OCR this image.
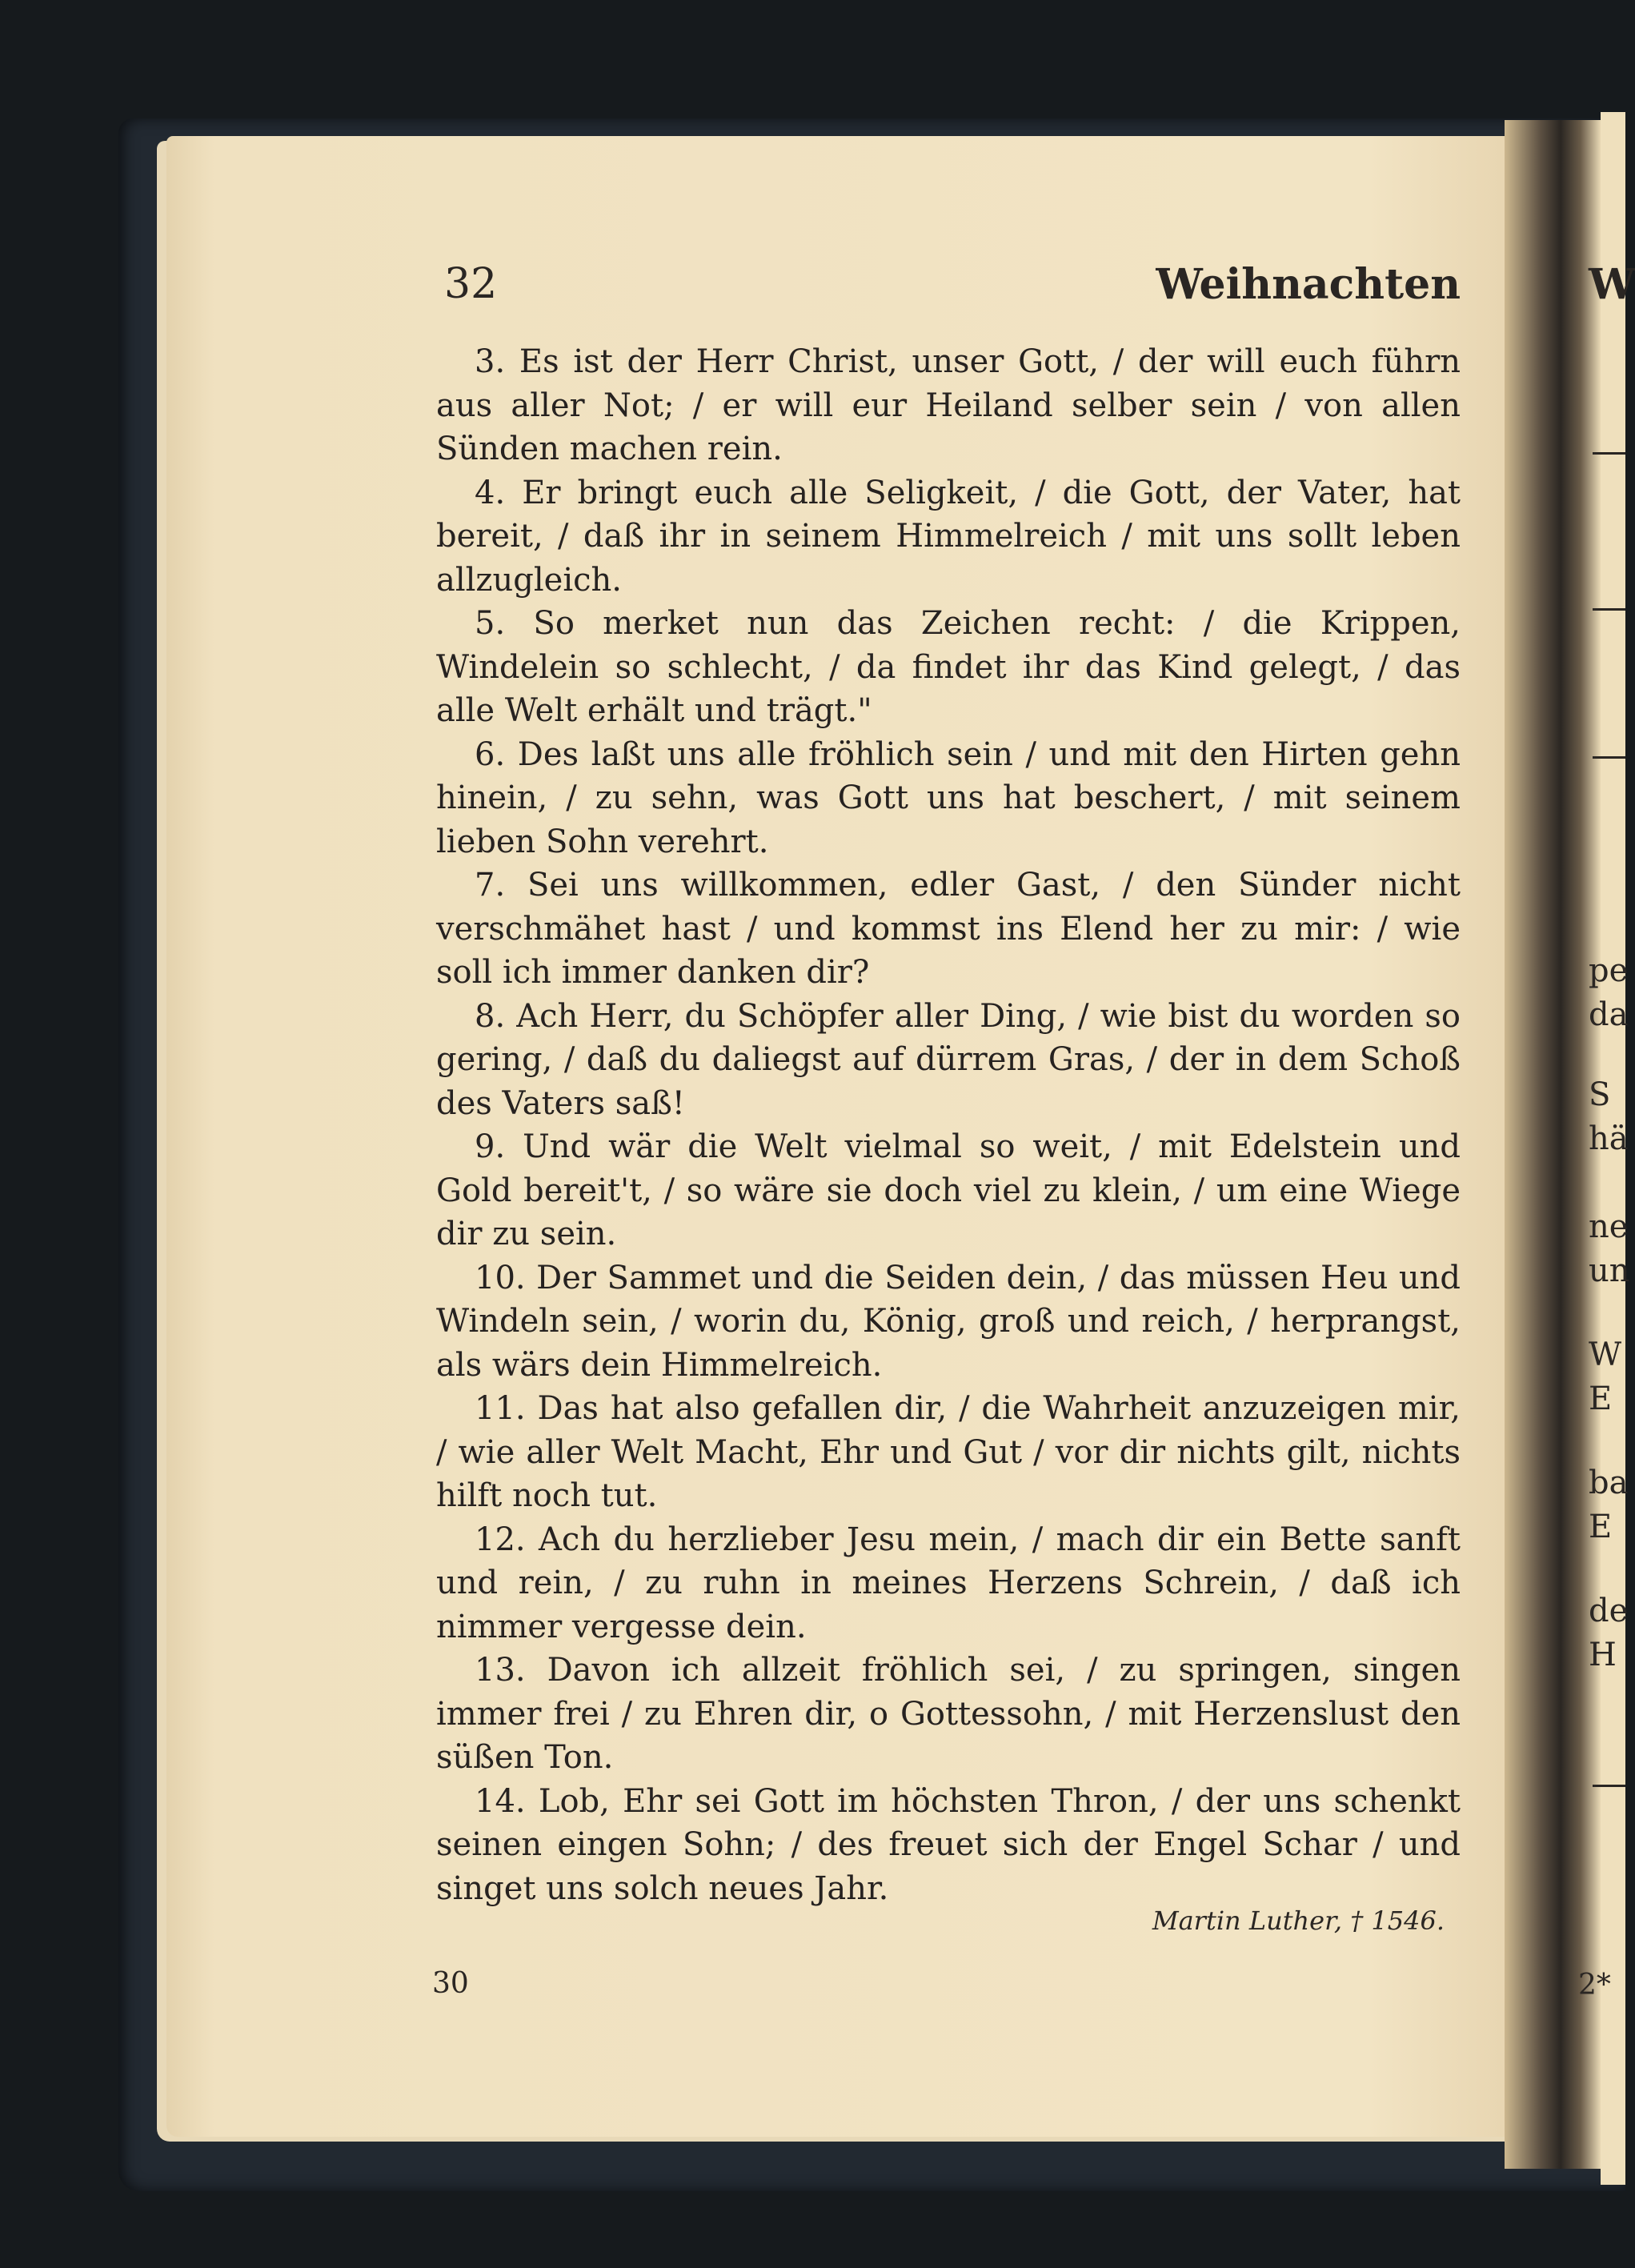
32	Weihnachten

3. Es ist der Herr Christ, unser Gott, / der will euch führn aus aller Not; / er will eur Heiland selber sein / von allen Sünden machen rein.

4. Er bringt euch alle Seligkeit, / die Gott, der Vater, hat bereit, / daß ihr in seinem Himmelreich / mit uns sollt leben allzugleich.

5. So merket nun das Zeichen recht: / die Krippen, Windelein so schlecht, / da findet ihr das Kind gelegt, / das alle Welt erhält und trägt."

6. Des laßt uns alle fröhlich sein / und mit den Hirten gehn hinein, / zu sehn, was Gott uns hat beschert, / mit seinem lieben Sohn verehrt.

7. Sei uns willkommen, edler Gast, / den Sünder nicht verschmähet hast / und kommst ins Elend her zu mir: / wie soll ich immer danken dir?

8. Ach Herr, du Schöpfer aller Ding, / wie bist du worden so gering, / daß du daliegst auf dürrem Gras, / der in dem Schoß des Vaters saß!

9. Und wär die Welt vielmal so weit, / mit Edelstein und Gold bereit't, / so wäre sie doch viel zu klein, / um eine Wiege dir zu sein.

10. Der Sammet und die Seiden dein, / das müssen Heu und Windeln sein, / worin du, König, groß und reich, / herprangst, als wärs dein Himmelreich.

11. Das hat also gefallen dir, / die Wahrheit anzuzeigen mir, / wie aller Welt Macht, Ehr und Gut / vor dir nichts gilt, nichts hilft noch tut.

12. Ach du herzlieber Jesu mein, / mach dir ein Bette sanft und rein, / zu ruhn in meines Herzens Schrein, / daß ich nimmer vergesse dein.

13. Davon ich allzeit fröhlich sei, / zu springen, singen immer frei / zu Ehren dir, o Gottessohn, / mit Herzenslust den süßen Ton.

14. Lob, Ehr sei Gott im höchsten Thron, / der uns schenkt seinen eingen Sohn; / des freuet sich der Engel Schar / und singet uns solch neues Jahr.

Martin Luther, † 1546.
30
W
pe
da
S
hä
ne
un
W
E
ba
E
de
H
2*
